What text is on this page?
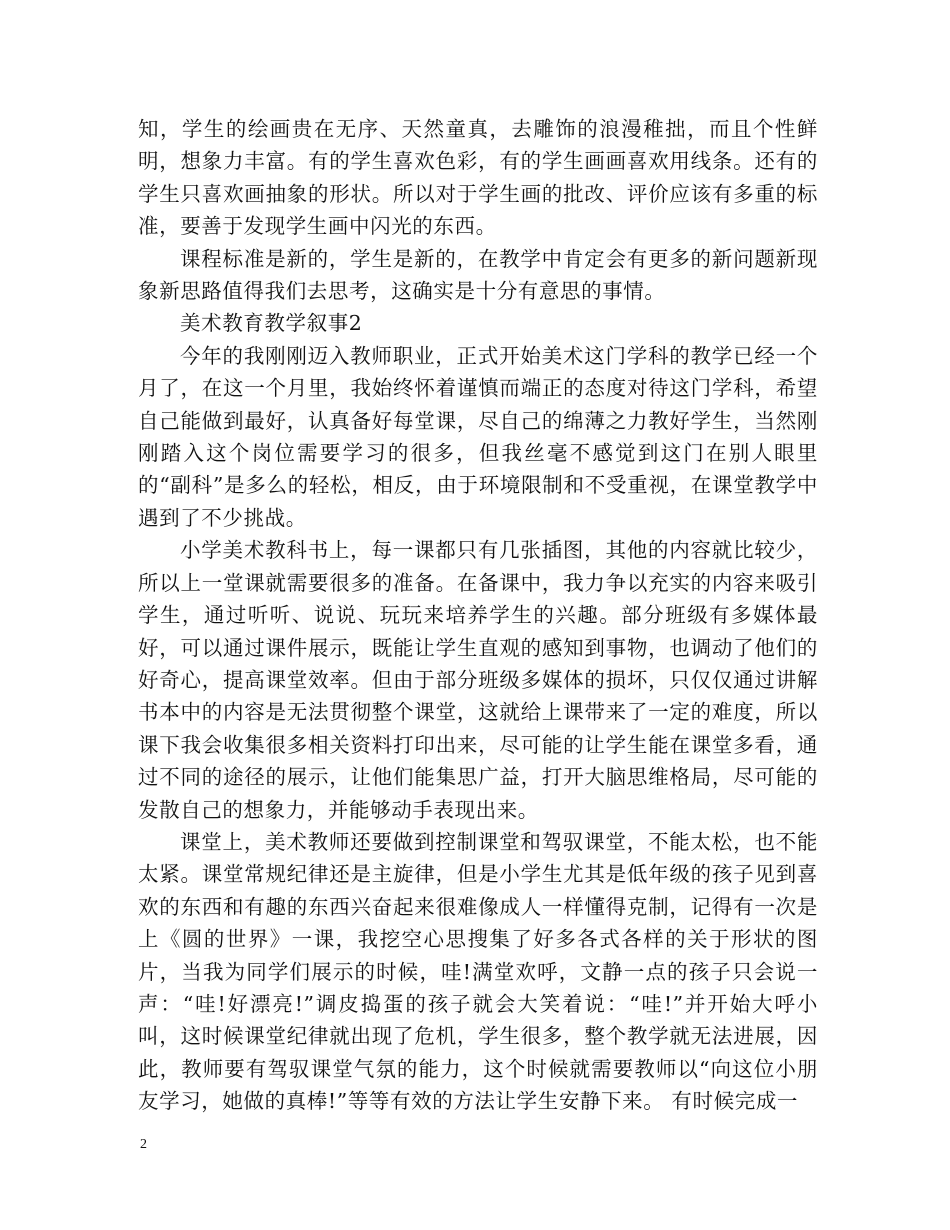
知，学生的绘画贵在无序、天然童真，去雕饰的浪漫稚拙，而且个性鲜明，想象力丰富。有的学生喜欢色彩，有的学生画画喜欢用线条。还有的学生只喜欢画抽象的形状。所以对于学生画的批改、评价应该有多重的标准，要善于发现学生画中闪光的东西。

课程标准是新的，学生是新的，在教学中肯定会有更多的新问题新现象新思路值得我们去思考，这确实是十分有意思的事情。

美术教育教学叙事2

今年的我刚刚迈入教师职业，正式开始美术这门学科的教学已经一个月了，在这一个月里，我始终怀着谨慎而端正的态度对待这门学科，希望自己能做到最好，认真备好每堂课，尽自己的绵薄之力教好学生，当然刚刚踏入这个岗位需要学习的很多，但我丝毫不感觉到这门在别人眼里的“副科”是多么的轻松，相反，由于环境限制和不受重视，在课堂教学中遇到了不少挑战。

小学美术教科书上，每一课都只有几张插图，其他的内容就比较少，所以上一堂课就需要很多的准备。在备课中，我力争以充实的内容来吸引学生，通过听听、说说、玩玩来培养学生的兴趣。部分班级有多媒体最好，可以通过课件展示，既能让学生直观的感知到事物，也调动了他们的好奇心，提高课堂效率。但由于部分班级多媒体的损坏，只仅仅通过讲解书本中的内容是无法贯彻整个课堂，这就给上课带来了一定的难度，所以课下我会收集很多相关资料打印出来，尽可能的让学生能在课堂多看，通过不同的途径的展示，让他们能集思广益，打开大脑思维格局，尽可能的发散自己的想象力，并能够动手表现出来。

课堂上，美术教师还要做到控制课堂和驾驭课堂，不能太松，也不能太紧。课堂常规纪律还是主旋律，但是小学生尤其是低年级的孩子见到喜欢的东西和有趣的东西兴奋起来很难像成人一样懂得克制，记得有一次是上《圆的世界》一课，我挖空心思搜集了好多各式各样的关于形状的图片，当我为同学们展示的时候，哇!满堂欢呼，文静一点的孩子只会说一声：“哇!好漂亮!”调皮捣蛋的孩子就会大笑着说：“哇!”并开始大呼小叫，这时候课堂纪律就出现了危机，学生很多，整个教学就无法进展，因此，教师要有驾驭课堂气氛的能力，这个时候就需要教师以“向这位小朋友学习，她做的真棒!”等等有效的方法让学生安静下来。 有时候完成一

2
